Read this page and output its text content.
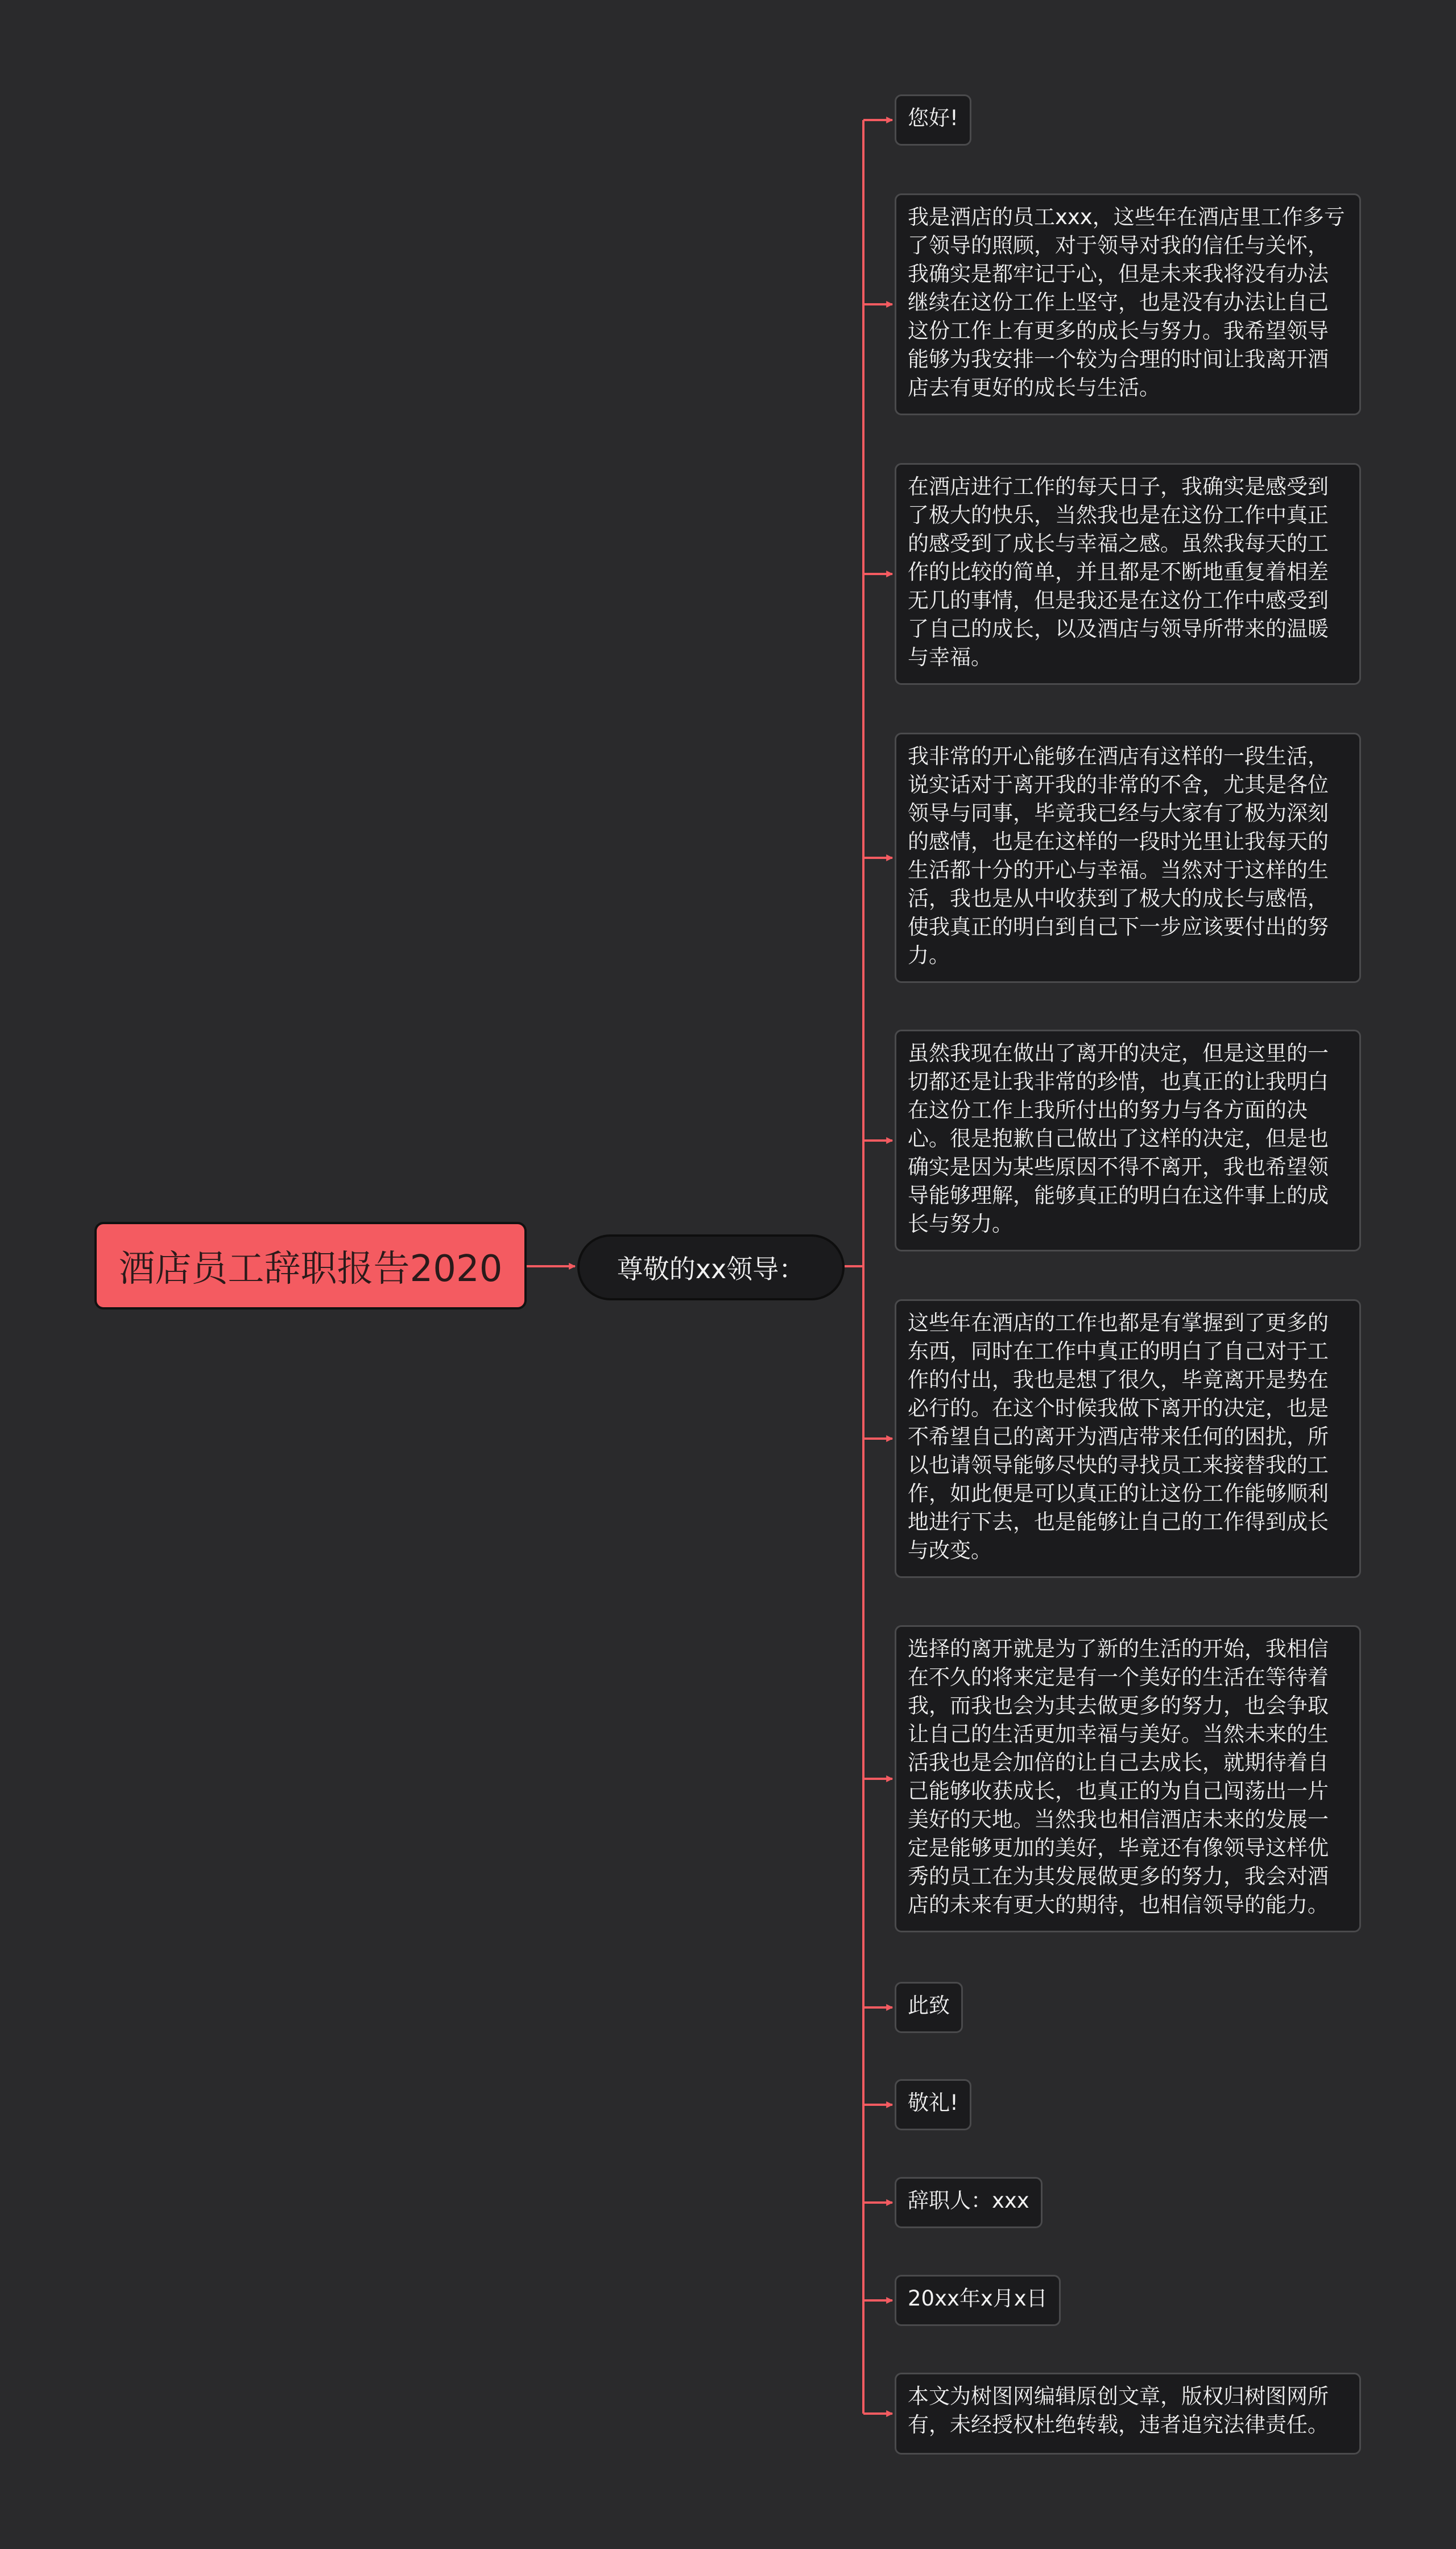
酒店员工辞职报告2020	尊敬的xx领导：
您好!
我是酒店的员工xxx，这些年在酒店里工作多亏了领导的照顾，对于领导对我的信任与关怀，我确实是都牢记于心，但是未来我将没有办法继续在这份工作上坚守，也是没有办法让自己这份工作上有更多的成长与努力。我希望领导能够为我安排一个较为合理的时间让我离开酒店去有更好的成长与生活。
在酒店进行工作的每天日子，我确实是感受到了极大的快乐，当然我也是在这份工作中真正的感受到了成长与幸福之感。虽然我每天的工作的比较的简单，并且都是不断地重复着相差无几的事情，但是我还是在这份工作中感受到了自己的成长，以及酒店与领导所带来的温暖与幸福。
我非常的开心能够在酒店有这样的一段生活，说实话对于离开我的非常的不舍，尤其是各位领导与同事，毕竟我已经与大家有了极为深刻的感情，也是在这样的一段时光里让我每天的生活都十分的开心与幸福。当然对于这样的生活，我也是从中收获到了极大的成长与感悟，使我真正的明白到自己下一步应该要付出的努力。
虽然我现在做出了离开的决定，但是这里的一切都还是让我非常的珍惜，也真正的让我明白在这份工作上我所付出的努力与各方面的决心。很是抱歉自己做出了这样的决定，但是也确实是因为某些原因不得不离开，我也希望领导能够理解，能够真正的明白在这件事上的成长与努力。
这些年在酒店的工作也都是有掌握到了更多的东西，同时在工作中真正的明白了自己对于工作的付出，我也是想了很久，毕竟离开是势在必行的。在这个时候我做下离开的决定，也是不希望自己的离开为酒店带来任何的困扰，所以也请领导能够尽快的寻找员工来接替我的工作，如此便是可以真正的让这份工作能够顺利地进行下去，也是能够让自己的工作得到成长与改变。
选择的离开就是为了新的生活的开始，我相信在不久的将来定是有一个美好的生活在等待着我，而我也会为其去做更多的努力，也会争取让自己的生活更加幸福与美好。当然未来的生活我也是会加倍的让自己去成长，就期待着自己能够收获成长，也真正的为自己闯荡出一片美好的天地。当然我也相信酒店未来的发展一定是能够更加的美好，毕竟还有像领导这样优秀的员工在为其发展做更多的努力，我会对酒店的未来有更大的期待，也相信领导的能力。
此致
敬礼!
辞职人：xxx
20xx年x月x日
本文为树图网编辑原创文章，版权归树图网所有，未经授权杜绝转载，违者追究法律责任。
